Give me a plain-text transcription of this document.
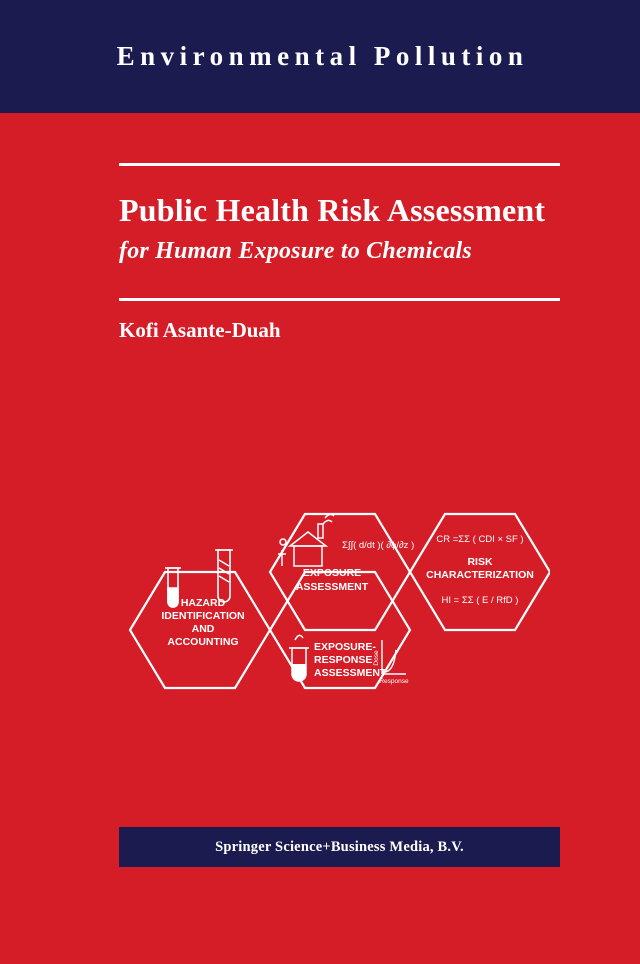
Environmental Pollution
Public Health Risk Assessment
for Human Exposure to Chemicals
Kofi Asante-Duah
HAZARD
IDENTIFICATION
AND
ACCOUNTING
Σ∫∫( d/dt )( ∂ϕ/∂z )
EXPOSURE
ASSESSMENT
EXPOSURE-
RESPONSE
ASSESSMENT
Dose
Response
CR =ΣΣ ( CDI × SF )
RISK
CHARACTERIZATION
HI = ΣΣ ( E / RfD )
Springer Science+Business Media, B.V.
